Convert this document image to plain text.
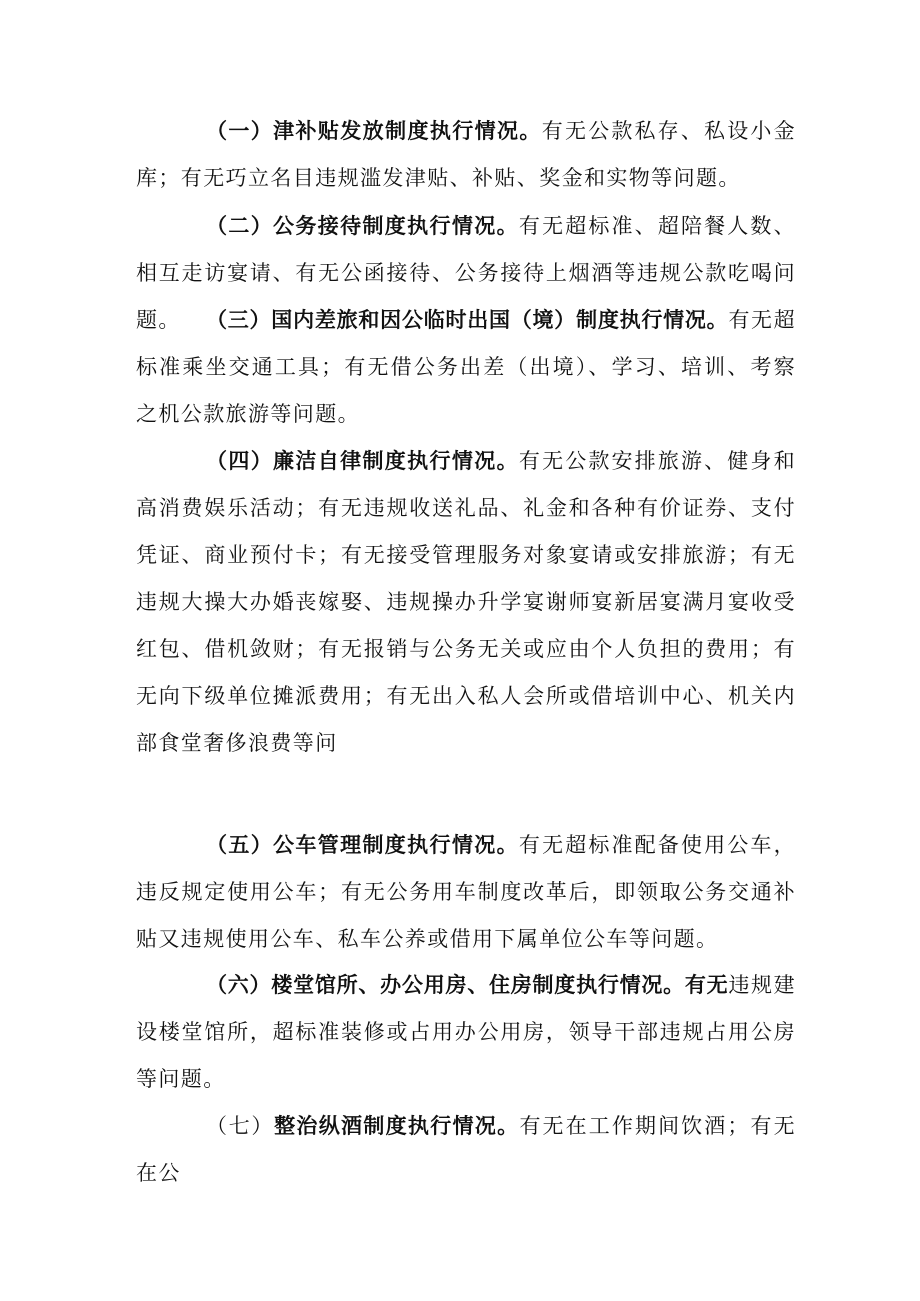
（一）津补贴发放制度执行情况。有无公款私存、私设小金库；有无巧立名目违规滥发津贴、补贴、奖金和实物等问题。

（二）公务接待制度执行情况。有无超标准、超陪餐人数、相互走访宴请、有无公函接待、公务接待上烟酒等违规公款吃喝问题。	（三）国内差旅和因公临时出国（境）制度执行情况。有无超标准乘坐交通工具；有无借公务出差（出境）、学习、培训、考察之机公款旅游等问题。

（四）廉洁自律制度执行情况。有无公款安排旅游、健身和高消费娱乐活动；有无违规收送礼品、礼金和各种有价证券、支付凭证、商业预付卡；有无接受管理服务对象宴请或安排旅游；有无违规大操大办婚丧嫁娶、违规操办升学宴谢师宴新居宴满月宴收受红包、借机敛财；有无报销与公务无关或应由个人负担的费用；有无向下级单位摊派费用；有无出入私人会所或借培训中心、机关内部食堂奢侈浪费等问

（五）公车管理制度执行情况。有无超标准配备使用公车，违反规定使用公车；有无公务用车制度改革后，即领取公务交通补贴又违规使用公车、私车公养或借用下属单位公车等问题。

（六）楼堂馆所、办公用房、住房制度执行情况。有无违规建设楼堂馆所，超标准装修或占用办公用房，领导干部违规占用公房等问题。

（七）整治纵酒制度执行情况。有无在工作期间饮酒；有无在公
